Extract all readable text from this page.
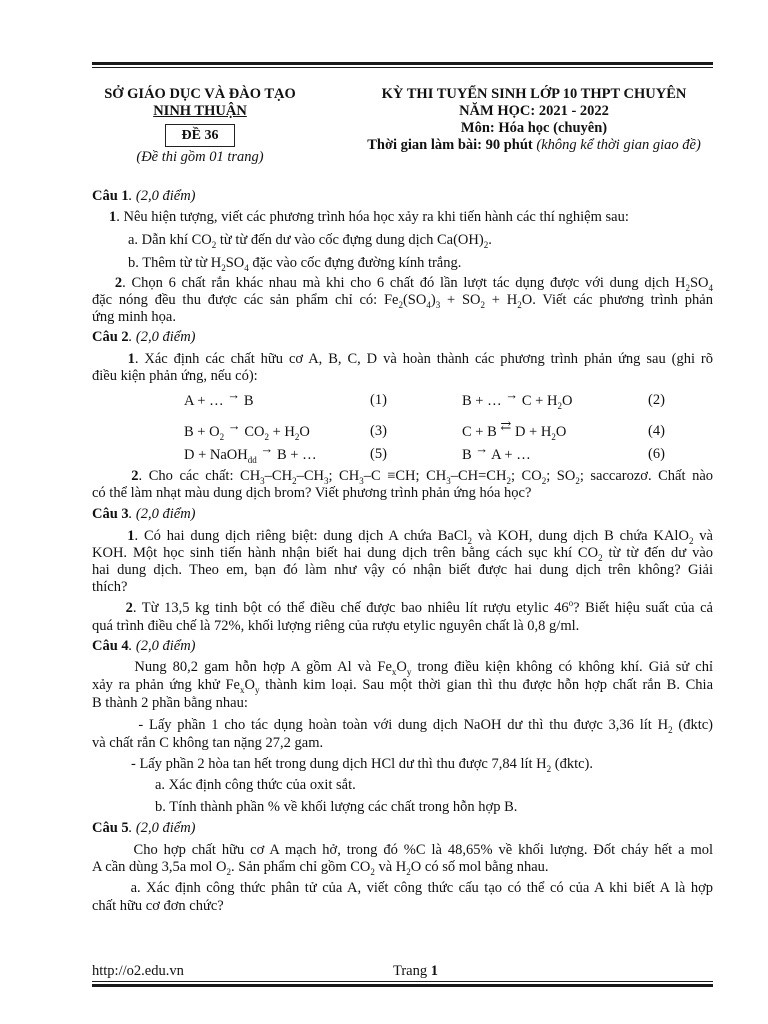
SỞ GIÁO DỤC VÀ ĐÀO TẠO
NINH THUẬN
ĐỀ 36
(Đề thi gồm 01 trang)
KỲ THI TUYỂN SINH LỚP 10 THPT CHUYÊN
NĂM HỌC: 2021 - 2022
Môn: Hóa học (chuyên)
Thời gian làm bài: 90 phút (không kể thời gian giao đề)
Câu 1. (2,0 điểm)
1. Nêu hiện tượng, viết các phương trình hóa học xảy ra khi tiến hành các thí nghiệm sau:
a. Dẫn khí $CO_2$ từ từ đến dư vào cốc đựng dung dịch $Ca(OH)_2$.
b. Thêm từ từ $H_2SO_4$ đặc vào cốc đựng đường kính trắng.
2. Chọn 6 chất rắn khác nhau mà khi cho 6 chất đó lần lượt tác dụng được với dung dịch $H_2SO_4$
đặc nóng đều thu được các sản phẩm chỉ có: $Fe_2(SO_4)_3 + SO_2 + H_2O$. Viết các phương trình phản
ứng minh họa.
Câu 2. (2,0 điểm)
1. Xác định các chất hữu cơ A, B, C, D và hoàn thành các phương trình phản ứng sau (ghi rõ
điều kiện phản ứng, nếu có):
A + … → B	(1)	B + … → $C + H_2O$	(2)
$B + O_2 \to CO_2 + H_2O$	(3)	C + B ⇄ $D + H_2O$	(4)
D + NaOH$_{dd}$ → B + …	(5)	B → A + …	(6)
2. Cho các chất: $CH_3-CH_2-CH_3$; $CH_3-C \equiv CH$; $CH_3-CH=CH_2$; $CO_2$; $SO_2$; saccarozơ. Chất nào
có thể làm nhạt màu dung dịch brom? Viết phương trình phản ứng hóa học?
Câu 3. (2,0 điểm)
1. Có hai dung dịch riêng biệt: dung dịch A chứa BaCl$_2$ và KOH, dung dịch B chứa KAlO$_2$ và
KOH. Một học sinh tiến hành nhận biết hai dung dịch trên bằng cách sục khí $CO_2$ từ từ đến dư vào
hai dung dịch. Theo em, bạn đó làm như vậy có nhận biết được hai dung dịch trên không? Giải
thích?
2. Từ 13,5 kg tinh bột có thể điều chế được bao nhiêu lít rượu etylic 46$^o$? Biết hiệu suất của cả
quá trình điều chế là 72%, khối lượng riêng của rượu etylic nguyên chất là 0,8 g/ml.
Câu 4. (2,0 điểm)
Nung 80,2 gam hỗn hợp A gồm Al và $Fe_xO_y$ trong điều kiện không có không khí. Giả sử chỉ
xảy ra phản ứng khử $Fe_xO_y$ thành kim loại. Sau một thời gian thì thu được hỗn hợp chất rắn B. Chia
B thành 2 phần bằng nhau:
- Lấy phần 1 cho tác dụng hoàn toàn với dung dịch NaOH dư thì thu được 3,36 lít $H_2$ (đktc)
và chất rắn C không tan nặng 27,2 gam.
- Lấy phần 2 hòa tan hết trong dung dịch HCl dư thì thu được 7,84 lít $H_2$ (đktc).
a. Xác định công thức của oxit sắt.
b. Tính thành phần % về khối lượng các chất trong hỗn hợp B.
Câu 5. (2,0 điểm)
Cho hợp chất hữu cơ A mạch hở, trong đó %C là 48,65% về khối lượng. Đốt cháy hết a mol
A cần dùng 3,5a mol $O_2$. Sản phẩm chỉ gồm $CO_2$ và $H_2O$ có số mol bằng nhau.
a. Xác định công thức phân tử của A, viết công thức cấu tạo có thể có của A khi biết A là hợp
chất hữu cơ đơn chức?
http://o2.edu.vn	Trang 1
